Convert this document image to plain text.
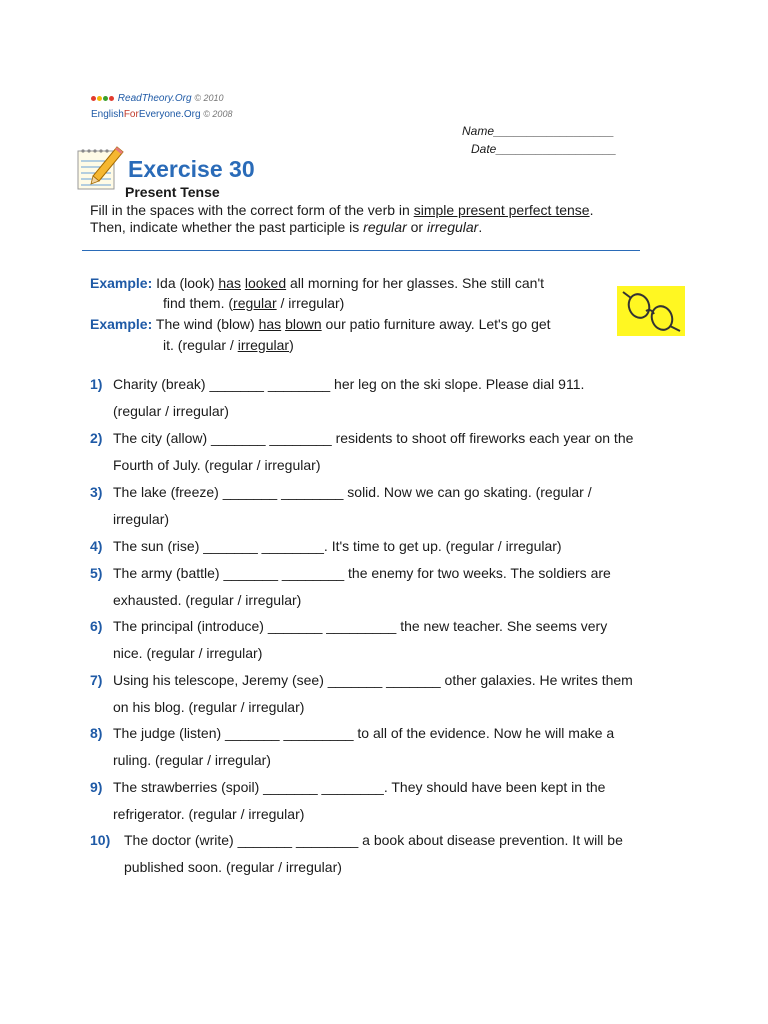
ReadTheory.Org © 2010
EnglishForEveryone.Org © 2008
Name__________________
Date__________________
Exercise 30
Present Tense
Fill in the spaces with the correct form of the verb in simple present perfect tense.
Then, indicate whether the past participle is regular or irregular.
Example: Ida (look) has looked all morning for her glasses. She still can't
find them. (regular / irregular)
Example: The wind (blow) has blown our patio furniture away. Let's go get
it. (regular / irregular)
1) Charity (break) _______ ________ her leg on the ski slope. Please dial 911.
(regular / irregular)
2) The city (allow) _______ ________ residents to shoot off fireworks each year on the
Fourth of July. (regular / irregular)
3) The lake (freeze) _______ ________ solid. Now we can go skating. (regular /
irregular)
4) The sun (rise) _______ ________. It's time to get up. (regular / irregular)
5) The army (battle) _______ ________ the enemy for two weeks. The soldiers are
exhausted. (regular / irregular)
6) The principal (introduce) _______ _________ the new teacher. She seems very
nice. (regular / irregular)
7) Using his telescope, Jeremy (see) _______ _______ other galaxies. He writes them
on his blog. (regular / irregular)
8) The judge (listen) _______ _________ to all of the evidence. Now he will make a
ruling. (regular / irregular)
9) The strawberries (spoil) _______ ________. They should have been kept in the
refrigerator. (regular / irregular)
10) The doctor (write) _______ ________ a book about disease prevention. It will be
published soon. (regular / irregular)
